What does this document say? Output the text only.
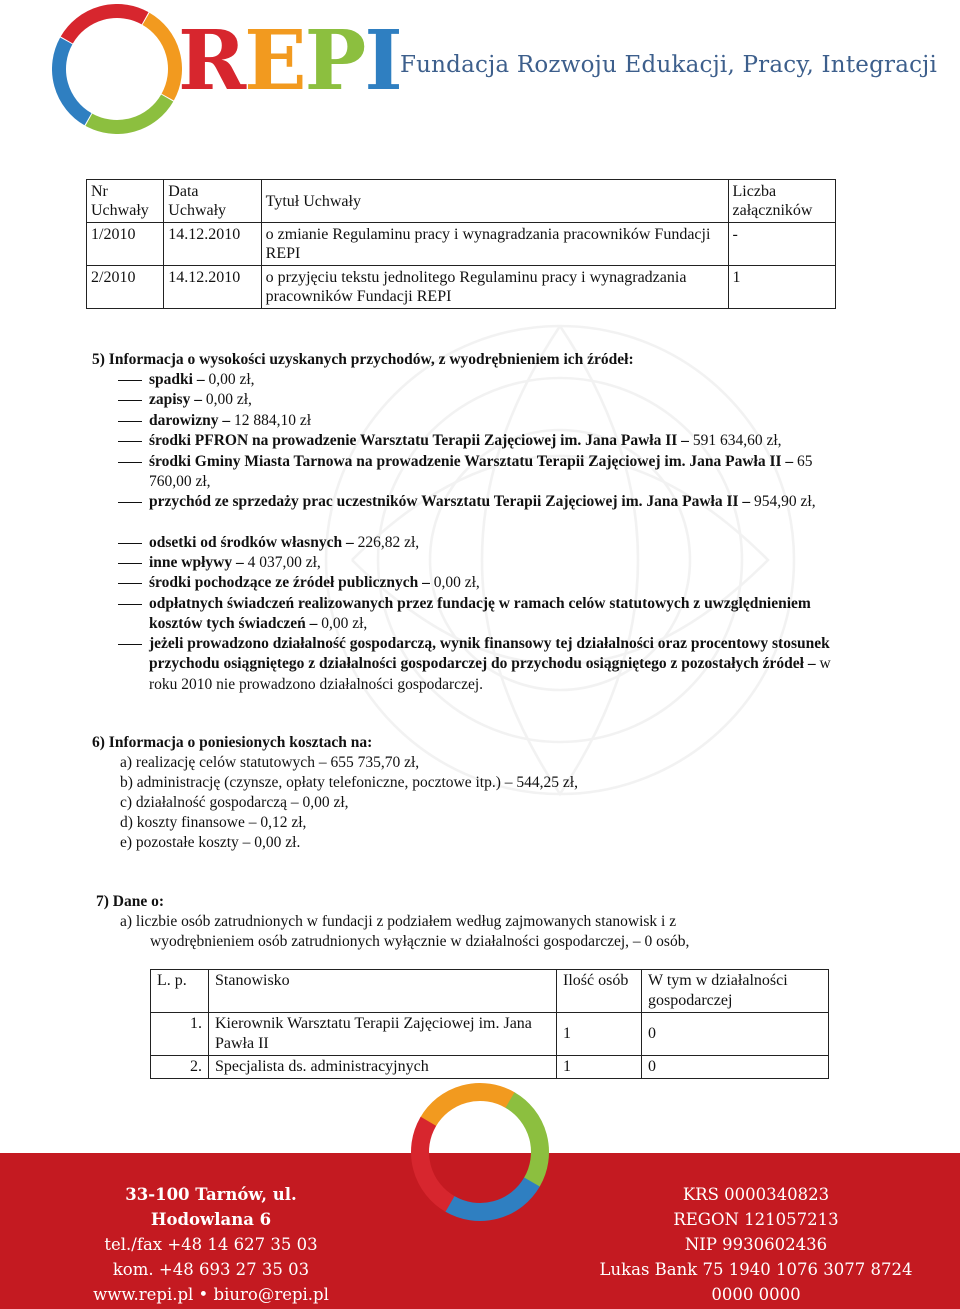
REPI Fundacja Rozwoju Edukacji, Pracy, Integracji
Nr Uchwały	Data Uchwały	Tytuł Uchwały	Liczba załączników
1/2010	14.12.2010	o zmianie Regulaminu pracy i wynagradzania pracowników Fundacji REPI	-
2/2010	14.12.2010	o przyjęciu tekstu jednolitego Regulaminu pracy i wynagradzania pracowników Fundacji REPI	1
5) Informacja o wysokości uzyskanych przychodów, z wyodrębnieniem ich źródeł:
spadki – 0,00 zł,
zapisy – 0,00 zł,
darowizny – 12 884,10 zł
środki PFRON na prowadzenie Warsztatu Terapii Zajęciowej im. Jana Pawła II – 591 634,60 zł,
środki Gminy Miasta Tarnowa na prowadzenie Warsztatu Terapii Zajęciowej im. Jana Pawła II – 65 760,00 zł,
przychód ze sprzedaży prac uczestników Warsztatu Terapii Zajęciowej im. Jana Pawła II – 954,90 zł,
odsetki od środków własnych – 226,82 zł,
inne wpływy – 4 037,00 zł,
środki pochodzące ze źródeł publicznych – 0,00 zł,
odpłatnych świadczeń realizowanych przez fundację w ramach celów statutowych z uwzględnieniem kosztów tych świadczeń – 0,00 zł,
jeżeli prowadzono działalność gospodarczą, wynik finansowy tej działalności oraz procentowy stosunek przychodu osiągniętego z działalności gospodarczej do przychodu osiągniętego z pozostałych źródeł – w roku 2010 nie prowadzono działalności gospodarczej.
6) Informacja o poniesionych kosztach na:
a) realizację celów statutowych – 655 735,70 zł,
b) administrację (czynsze, opłaty telefoniczne, pocztowe itp.) – 544,25 zł,
c) działalność gospodarczą – 0,00 zł,
d) koszty finansowe – 0,12 zł,
e) pozostałe koszty – 0,00 zł.
7) Dane o:
a) liczbie osób zatrudnionych w fundacji z podziałem według zajmowanych stanowisk i z
wyodrębnieniem osób zatrudnionych wyłącznie w działalności gospodarczej, – 0 osób,
L. p.	Stanowisko	Ilość osób	W tym w działalności gospodarczej
1.	Kierownik Warsztatu Terapii Zajęciowej im. Jana Pawła II	1	0
2.	Specjalista ds. administracyjnych	1	0
33-100 Tarnów, ul. Hodowlana 6
tel./fax +48 14 627 35 03
kom. +48 693 27 35 03
www.repi.pl • biuro@repi.pl
KRS 0000340823
REGON 121057213
NIP 9930602436
Lukas Bank 75 1940 1076 3077 8724 0000 0000
